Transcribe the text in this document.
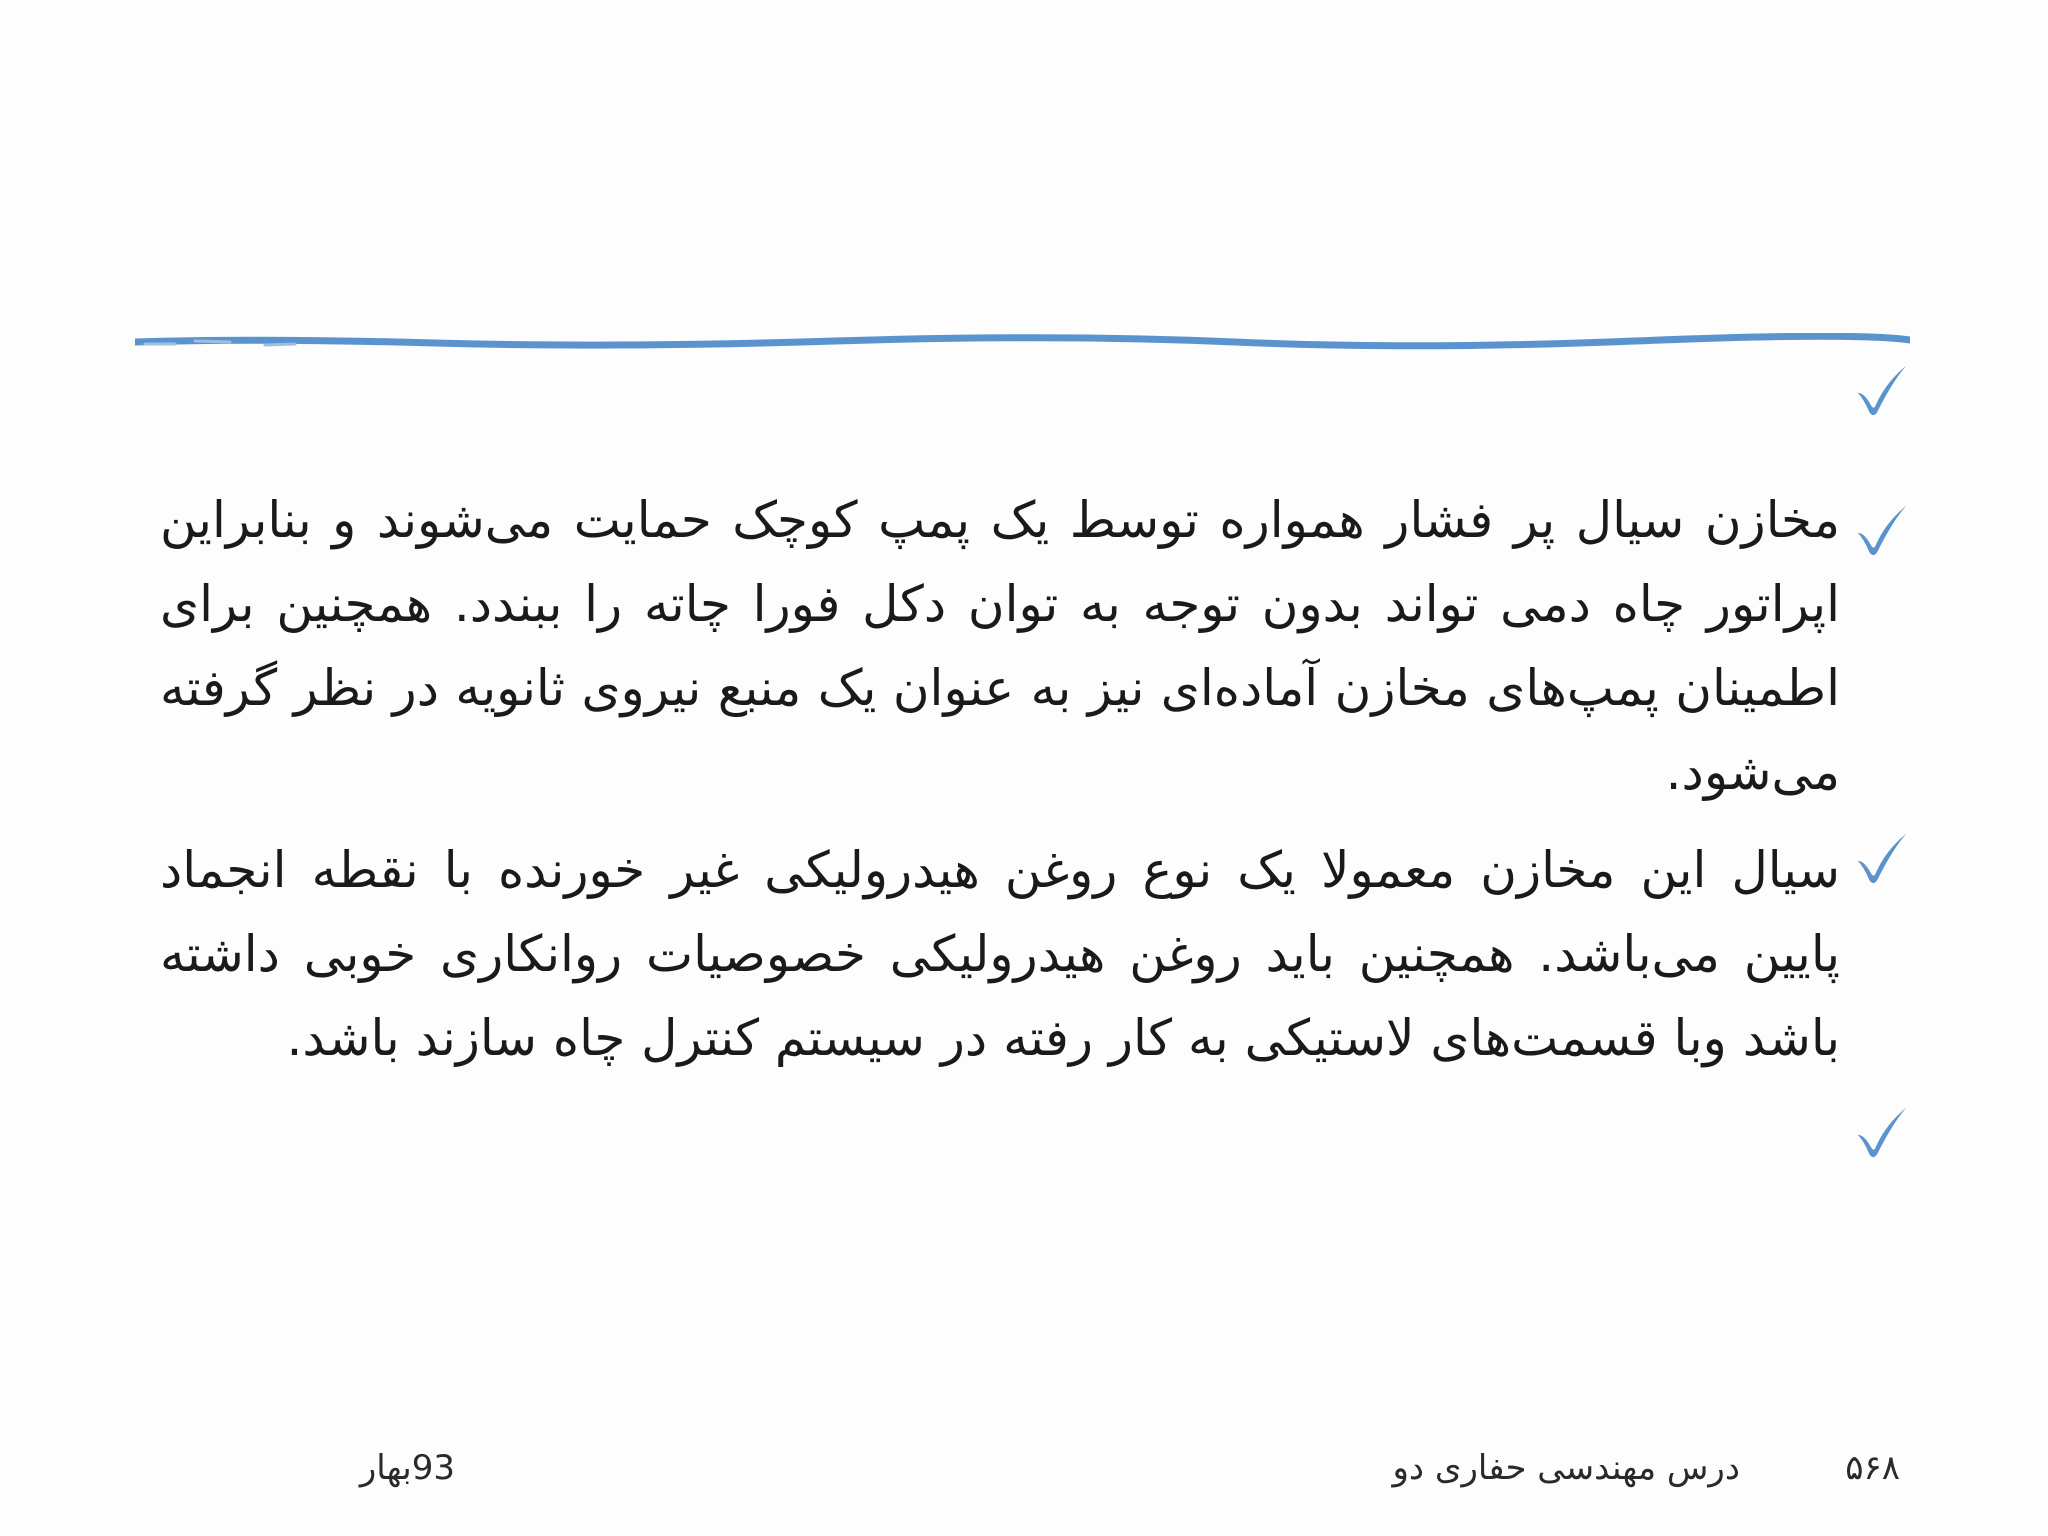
مخازن سیال پر فشار همواره توسط یک پمپ کوچک حمایت می‌شوند و بنابراین اپراتور چاه دمی تواند بدون توجه به توان دکل فورا چاته را ببندد. همچنین برای اطمینان پمپ‌های مخازن آماده‌ای نیز به عنوان یک منبع نیروی ثانویه در نظر گرفته می‌شود.

سیال این مخازن معمولا یک نوع روغن هیدرولیکی غیر خورنده با نقطه انجماد پایین می‌باشد. همچنین باید روغن هیدرولیکی خصوصیات روانکاری خوبی داشته باشد وبا قسمت‌های لاستیکی به کار رفته در سیستم کنترل چاه سازند باشد.

93بهار	درس مهندسی حفاری دو	۵۶۸
